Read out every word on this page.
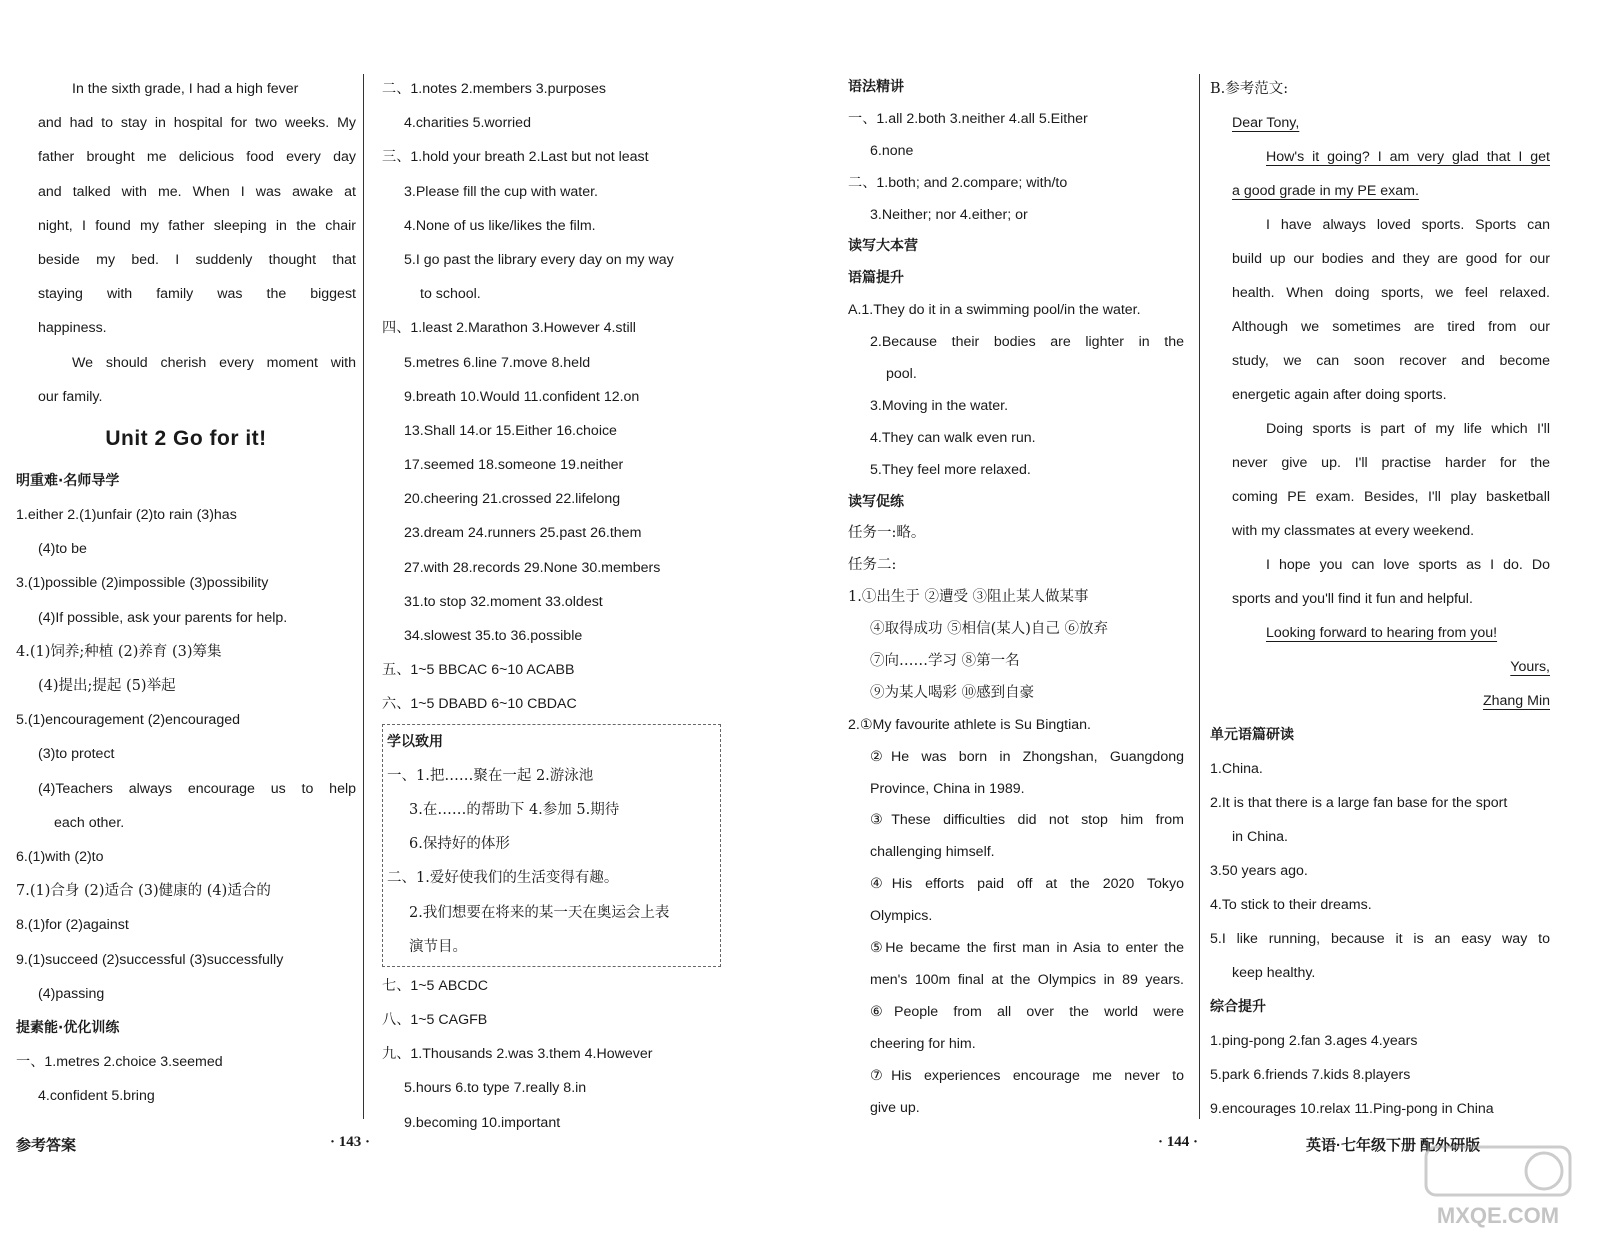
In the sixth grade, I had a high fever
and had to stay in hospital for two weeks. My
father brought me delicious food every day
and talked with me. When I was awake at
night, I found my father sleeping in the chair
beside my bed. I suddenly thought that
staying with family was the biggest
happiness.
We should cherish every moment with
our family.
Unit 2 Go for it!
明重难·名师导学
1.either 2.(1)unfair (2)to rain (3)has
(4)to be
3.(1)possible (2)impossible (3)possibility
(4)If possible, ask your parents for help.
4.(1)饲养;种植 (2)养育 (3)筹集
(4)提出;提起 (5)举起
5.(1)encouragement (2)encouraged
(3)to protect
(4)Teachers always encourage us to help
each other.
6.(1)with (2)to
7.(1)合身 (2)适合 (3)健康的 (4)适合的
8.(1)for (2)against
9.(1)succeed (2)successful (3)successfully
(4)passing
提素能·优化训练
一、1.metres 2.choice 3.seemed
4.confident 5.bring
二、1.notes 2.members 3.purposes
4.charities 5.worried
三、1.hold your breath 2.Last but not least
3.Please fill the cup with water.
4.None of us like/likes the film.
5.I go past the library every day on my way
to school.
四、1.least 2.Marathon 3.However 4.still
5.metres 6.line 7.move 8.held
9.breath 10.Would 11.confident 12.on
13.Shall 14.or 15.Either 16.choice
17.seemed 18.someone 19.neither
20.cheering 21.crossed 22.lifelong
23.dream 24.runners 25.past 26.them
27.with 28.records 29.None 30.members
31.to stop 32.moment 33.oldest
34.slowest 35.to 36.possible
五、1~5 BBCAC 6~10 ACABB
六、1~5 DBABD 6~10 CBDAC
学以致用
一、1.把……聚在一起 2.游泳池
3.在……的帮助下 4.参加 5.期待
6.保持好的体形
二、1.爱好使我们的生活变得有趣。
2.我们想要在将来的某一天在奥运会上表
演节目。
七、1~5 ABCDC
八、1~5 CAGFB
九、1.Thousands 2.was 3.them 4.However
5.hours 6.to type 7.really 8.in
9.becoming 10.important
语法精讲
一、1.all 2.both 3.neither 4.all 5.Either
6.none
二、1.both; and 2.compare; with/to
3.Neither; nor 4.either; or
读写大本营
语篇提升
A.1.They do it in a swimming pool/in the water.
2.Because their bodies are lighter in the
pool.
3.Moving in the water.
4.They can walk even run.
5.They feel more relaxed.
读写促练
任务一:略。
任务二:
1.①出生于 ②遭受 ③阻止某人做某事
④取得成功 ⑤相信(某人)自己 ⑥放弃
⑦向……学习 ⑧第一名
⑨为某人喝彩 ⑩感到自豪
2.①My favourite athlete is Su Bingtian.
②He was born in Zhongshan, Guangdong
Province, China in 1989.
③These difficulties did not stop him from
challenging himself.
④His efforts paid off at the 2020 Tokyo
Olympics.
⑤He became the first man in Asia to enter the
men's 100m final at the Olympics in 89 years.
⑥People from all over the world were
cheering for him.
⑦His experiences encourage me never to
give up.
B.参考范文:
Dear Tony,
How's it going? I am very glad that I get
a good grade in my PE exam.
I have always loved sports. Sports can
build up our bodies and they are good for our
health. When doing sports, we feel relaxed.
Although we sometimes are tired from our
study, we can soon recover and become
energetic again after doing sports.
Doing sports is part of my life which I'll
never give up. I'll practise harder for the
coming PE exam. Besides, I'll play basketball
with my classmates at every weekend.
I hope you can love sports as I do. Do
sports and you'll find it fun and helpful.
Looking forward to hearing from you!
Yours,
Zhang Min
单元语篇研读
1.China.
2.It is that there is a large fan base for the sport
in China.
3.50 years ago.
4.To stick to their dreams.
5.I like running, because it is an easy way to
keep healthy.
综合提升
1.ping-pong 2.fan 3.ages 4.years
5.park 6.friends 7.kids 8.players
9.encourages 10.relax 11.Ping-pong in China
参考答案	· 143 ·	· 144 ·	英语·七年级下册 配外研版
MXQE.COM
